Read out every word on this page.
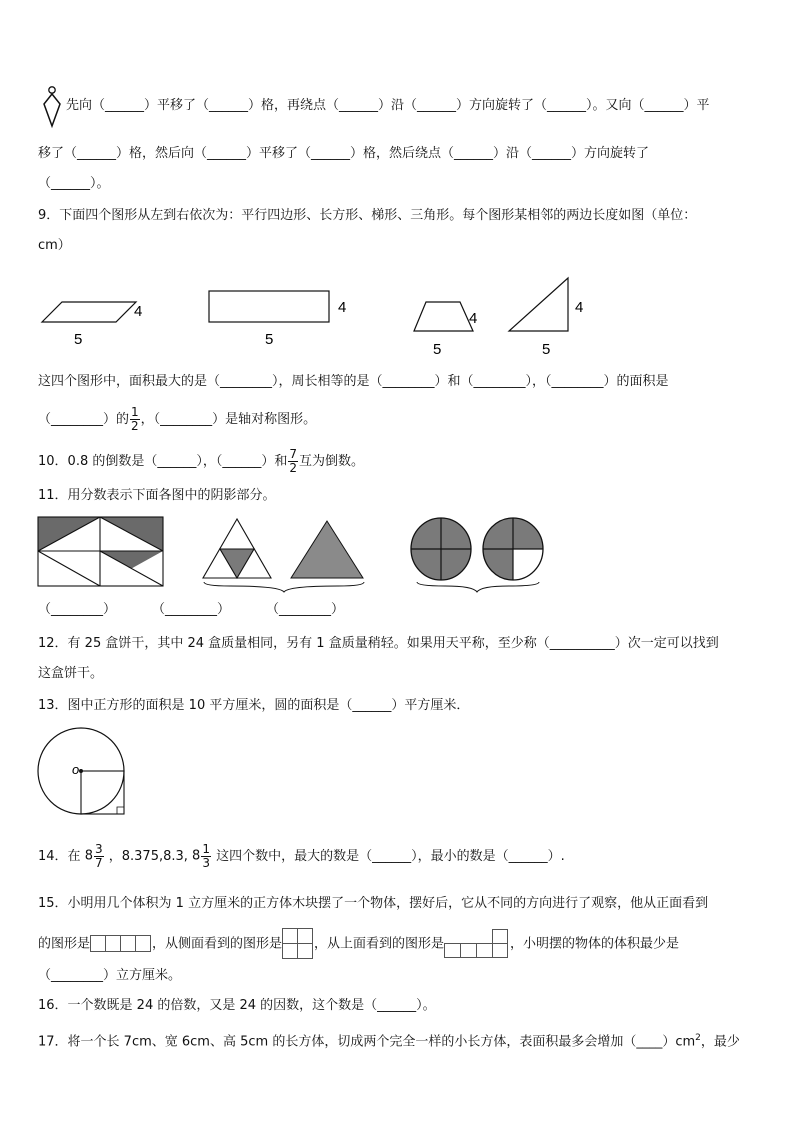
先向（______）平移了（______）格，再绕点（______）沿（______）方向旋转了（______）。又向（______）平
移了（______）格，然后向（______）平移了（______）格，然后绕点（______）沿（______）方向旋转了
（______）。
9．下面四个图形从左到右依次为：平行四边形、长方形、梯形、三角形。每个图形某相邻的两边长度如图（单位：
cm）
4
5
4
5
4
5
4
5
这四个图形中，面积最大的是（________），周长相等的是（________）和（________），（________）的面积是
（________）的 $\frac{1}{2}$ ，（________）是轴对称图形。
10．0.8 的倒数是（______），（______）和 $\frac{7}{2}$ 互为倒数。
11．用分数表示下面各图中的阴影部分。
（________）	（________）	（________）
12．有 25 盒饼干，其中 24 盒质量相同，另有 1 盒质量稍轻。如果用天平称，至少称（__________）次一定可以找到
这盒饼干。
13．图中正方形的面积是 10 平方厘米，圆的面积是（______）平方厘米．
o
14．在 $8 \frac{3}{7}$ ，8.375,8.3, $8 \frac{1}{3}$ 这四个数中，最大的数是（______），最小的数是（______）.
15．小明用几个体积为 1 立方厘米的正方体木块摆了一个物体，摆好后，它从不同的方向进行了观察，他从正面看到
的图形是	，从侧面看到的图形是 ，从上面看到的图形是	，小明摆的物体的体积最少是
（________）立方厘米。
16．一个数既是 24 的倍数，又是 24 的因数，这个数是（______）。
17．将一个长 7cm、宽 6cm、高 5cm 的长方体，切成两个完全一样的小长方体，表面积最多会增加$(\_\_\_\_)cm^2$，最少
